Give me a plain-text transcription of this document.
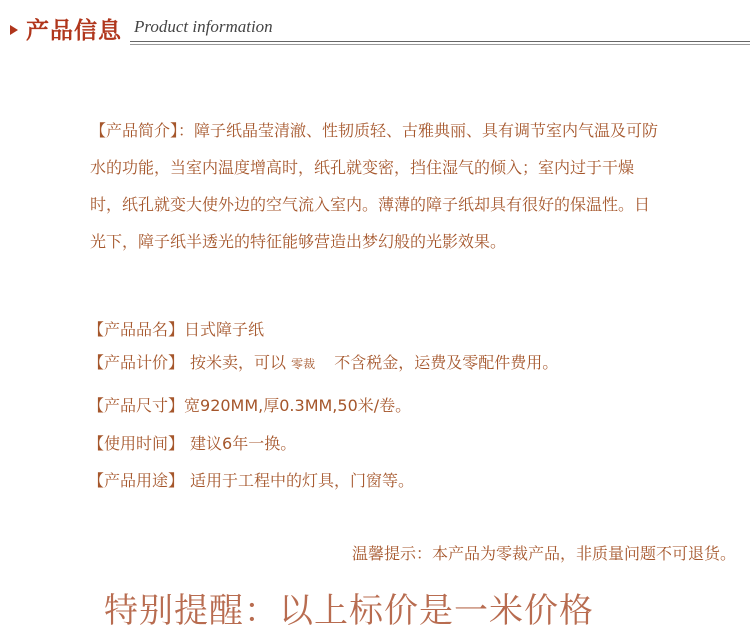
产品信息 Product information
【产品简介】：障子纸晶莹清澈、性韧质轻、古雅典丽、具有调节室内气温及可防水的功能，当室内温度增高时，纸孔就变密，挡住湿气的倾入；室内过于干燥时，纸孔就变大使外边的空气流入室内。薄薄的障子纸却具有很好的保温性。日光下，障子纸半透光的特征能够营造出梦幻般的光影效果。
【产品品名】日式障子纸
【产品计价】 按米卖，可以 零裁 不含税金，运费及零配件费用。
【产品尺寸】宽920MM,厚0.3MM,50米/卷。
【使用时间】 建议6年一换。
【产品用途】 适用于工程中的灯具，门窗等。
温馨提示：本产品为零裁产品，非质量问题不可退货。
特别提醒：以上标价是一米价格
